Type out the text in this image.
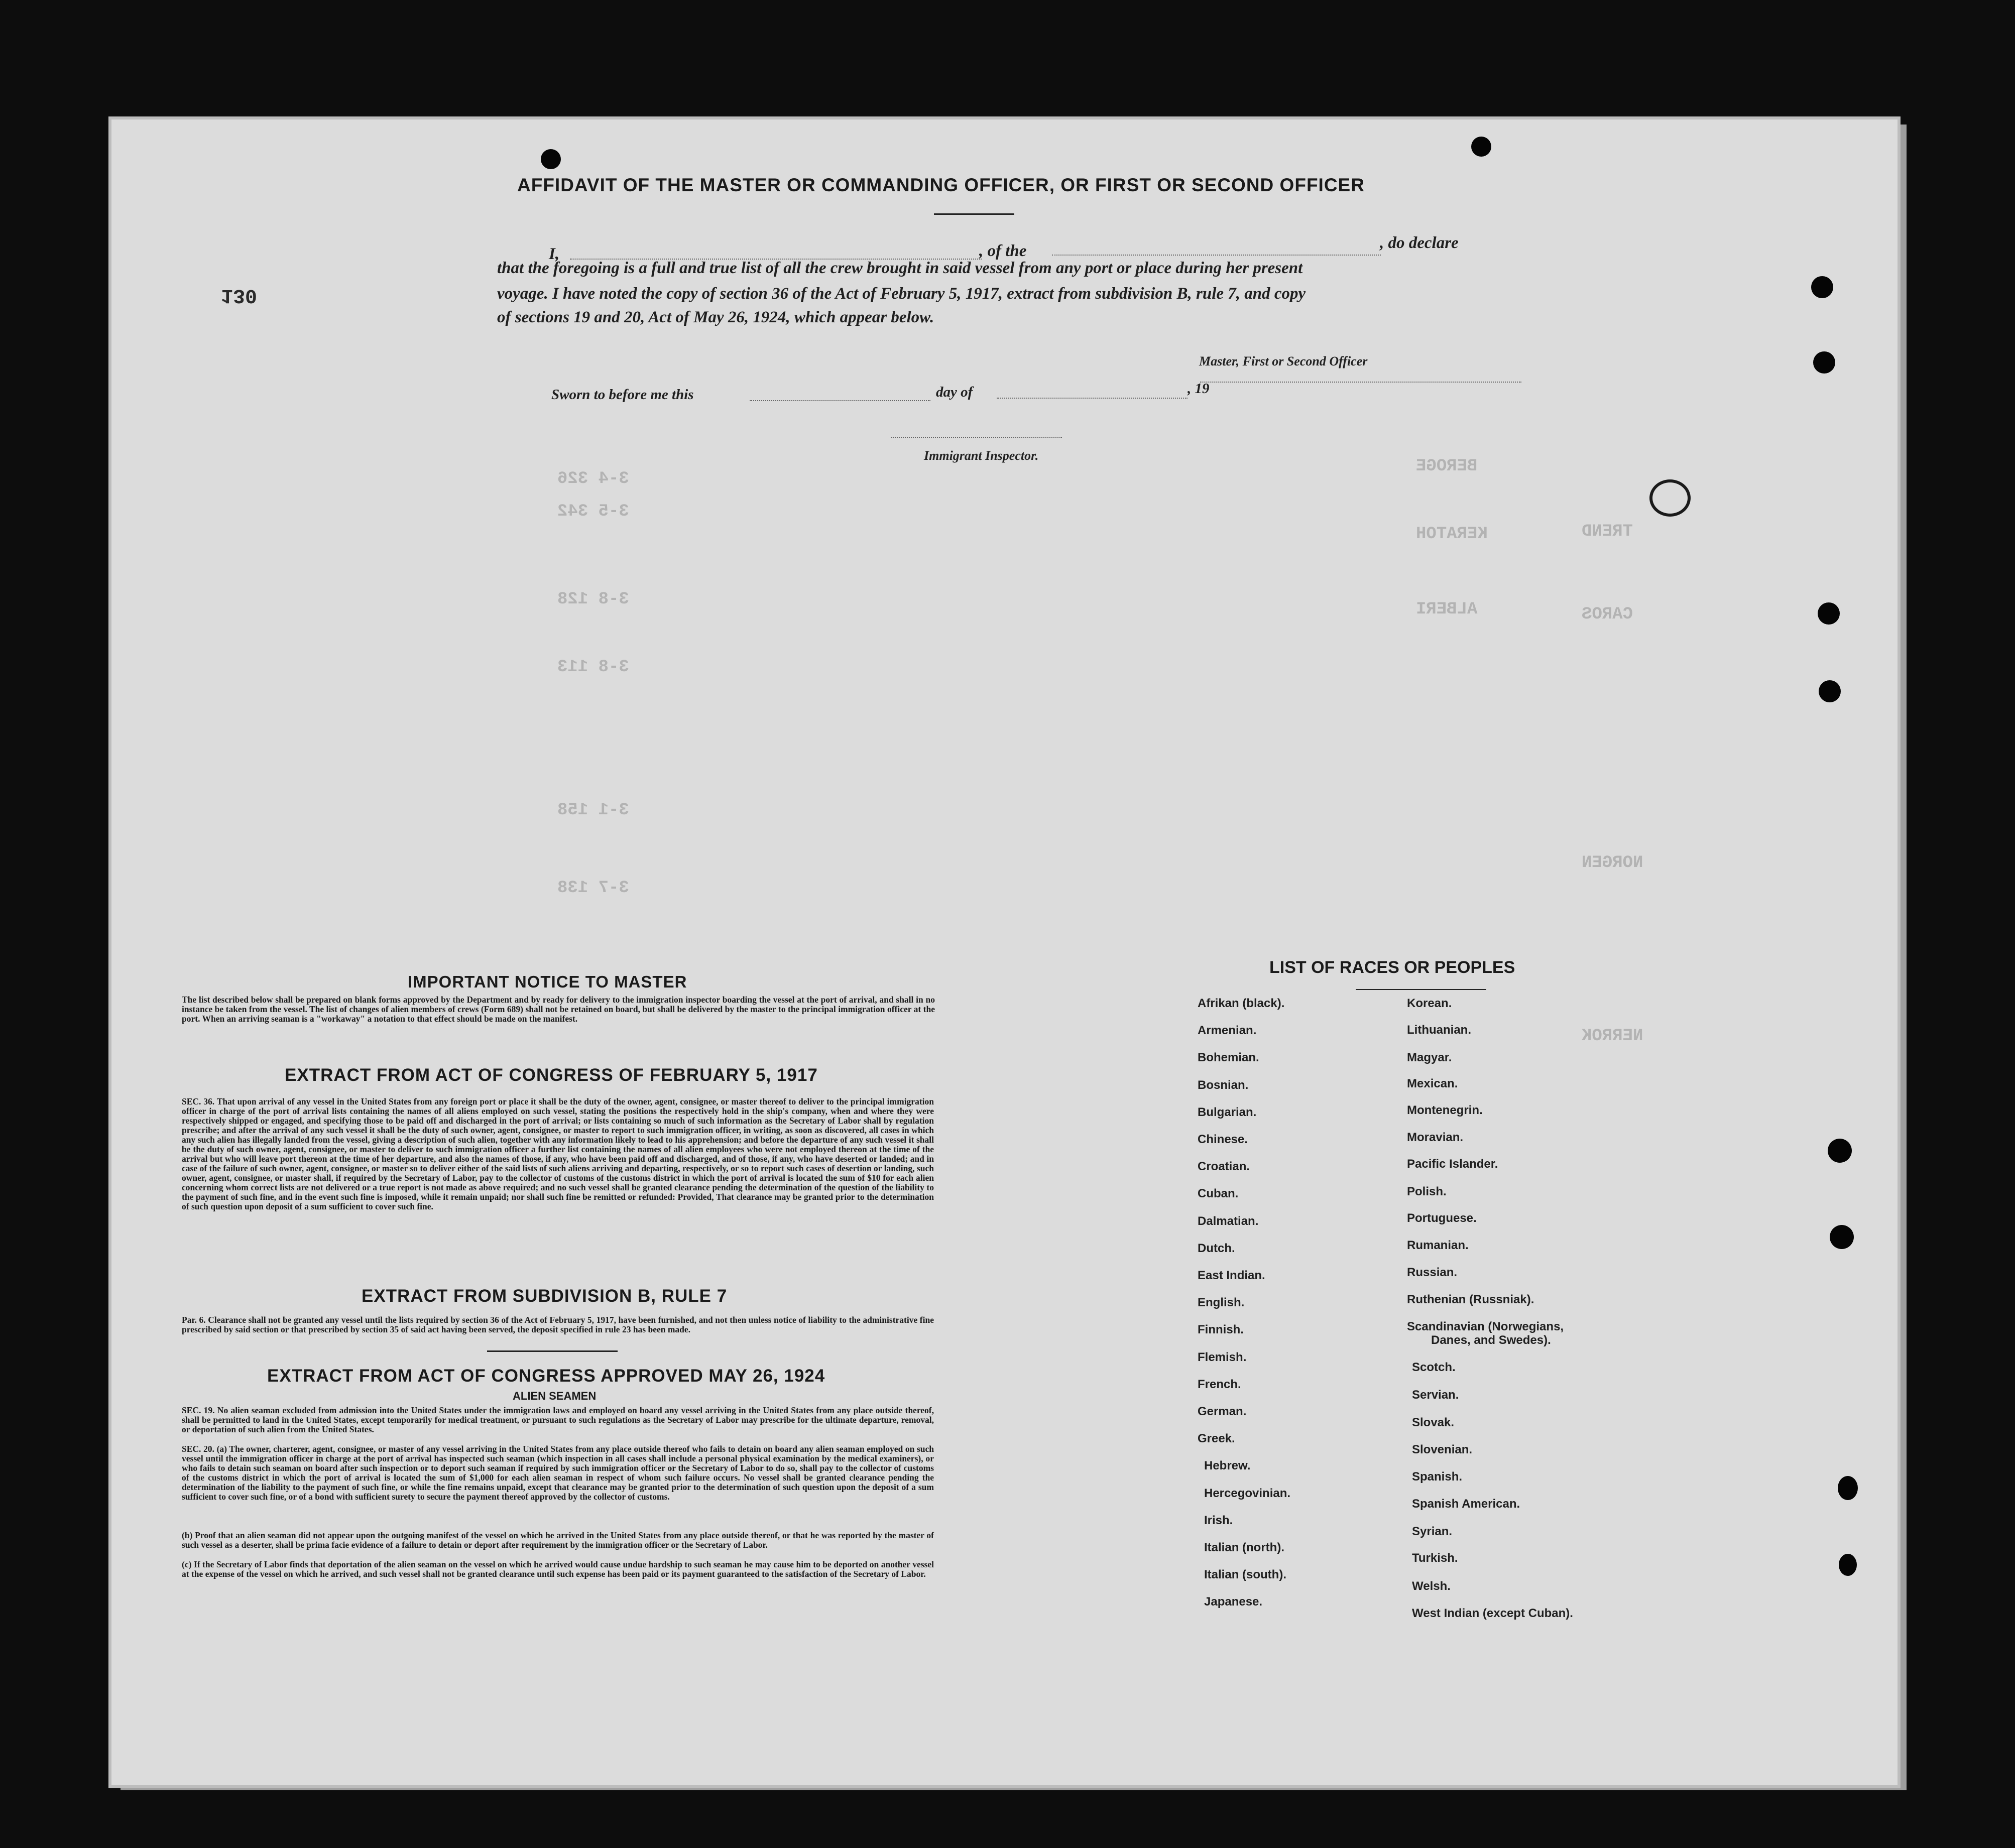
3-4 326
3-5 342
3-8 128
3-8 113
3-1 158
3-7 138
BEROGE
KERATOH
ALBERI
TREND
CAROS
NORGEN
NERROK
AFFIDAVIT OF THE MASTER OR COMMANDING OFFICER, OR FIRST OR SECOND OFFICER
I,	, of the	, do declare
that the foregoing is a full and true list of all the crew brought in said vessel from any port or place during her present
voyage. I have noted the copy of section 36 of the Act of February 5, 1917, extract from subdivision B, rule 7, and copy
of sections 19 and 20, Act of May 26, 1924, which appear below.
130
Master, First or Second Officer
Sworn to before me this	day of	, 19
Immigrant Inspector.
IMPORTANT NOTICE TO MASTER
The list described below shall be prepared on blank forms approved by the Department and by ready for delivery to the immigration inspector boarding the vessel at the port of arrival, and shall in no instance be taken from the vessel. The list of changes of alien members of crews (Form 689) shall not be retained on board, but shall be delivered by the master to the principal immigration officer at the port. When an arriving seaman is a "workaway" a notation to that effect should be made on the manifest.
EXTRACT FROM ACT OF CONGRESS OF FEBRUARY 5, 1917
SEC. 36. That upon arrival of any vessel in the United States from any foreign port or place it shall be the duty of the owner, agent, consignee, or master thereof to deliver to the principal immigration officer in charge of the port of arrival lists containing the names of all aliens employed on such vessel, stating the positions the respectively hold in the ship's company, when and where they were respectively shipped or engaged, and specifying those to be paid off and discharged in the port of arrival; or lists containing so much of such information as the Secretary of Labor shall by regulation prescribe; and after the arrival of any such vessel it shall be the duty of such owner, agent, consignee, or master to report to such immigration officer, in writing, as soon as discovered, all cases in which any such alien has illegally landed from the vessel, giving a description of such alien, together with any information likely to lead to his apprehension; and before the departure of any such vessel it shall be the duty of such owner, agent, consignee, or master to deliver to such immigration officer a further list containing the names of all alien employees who were not employed thereon at the time of the arrival but who will leave port thereon at the time of her departure, and also the names of those, if any, who have been paid off and discharged, and of those, if any, who have deserted or landed; and in case of the failure of such owner, agent, consignee, or master so to deliver either of the said lists of such aliens arriving and departing, respectively, or so to report such cases of desertion or landing, such owner, agent, consignee, or master shall, if required by the Secretary of Labor, pay to the collector of customs of the customs district in which the port of arrival is located the sum of $10 for each alien concerning whom correct lists are not delivered or a true report is not made as above required; and no such vessel shall be granted clearance pending the determination of the question of the liability to the payment of such fine, and in the event such fine is imposed, while it remain unpaid; nor shall such fine be remitted or refunded: Provided, That clearance may be granted prior to the determination of such question upon deposit of a sum sufficient to cover such fine.
EXTRACT FROM SUBDIVISION B, RULE 7
Par. 6. Clearance shall not be granted any vessel until the lists required by section 36 of the Act of February 5, 1917, have been furnished, and not then unless notice of liability to the administrative fine prescribed by said section or that prescribed by section 35 of said act having been served, the deposit specified in rule 23 has been made.
EXTRACT FROM ACT OF CONGRESS APPROVED MAY 26, 1924
ALIEN SEAMEN
SEC. 19. No alien seaman excluded from admission into the United States under the immigration laws and employed on board any vessel arriving in the United States from any place outside thereof, shall be permitted to land in the United States, except temporarily for medical treatment, or pursuant to such regulations as the Secretary of Labor may prescribe for the ultimate departure, removal, or deportation of such alien from the United States.
SEC. 20. (a) The owner, charterer, agent, consignee, or master of any vessel arriving in the United States from any place outside thereof who fails to detain on board any alien seaman employed on such vessel until the immigration officer in charge at the port of arrival has inspected such seaman (which inspection in all cases shall include a personal physical examination by the medical examiners), or who fails to detain such seaman on board after such inspection or to deport such seaman if required by such immigration officer or the Secretary of Labor to do so, shall pay to the collector of customs of the customs district in which the port of arrival is located the sum of $1,000 for each alien seaman in respect of whom such failure occurs. No vessel shall be granted clearance pending the determination of the liability to the payment of such fine, or while the fine remains unpaid, except that clearance may be granted prior to the determination of such question upon the deposit of a sum sufficient to cover such fine, or of a bond with sufficient surety to secure the payment thereof approved by the collector of customs.
(b) Proof that an alien seaman did not appear upon the outgoing manifest of the vessel on which he arrived in the United States from any place outside thereof, or that he was reported by the master of such vessel as a deserter, shall be prima facie evidence of a failure to detain or deport after requirement by the immigration officer or the Secretary of Labor.
(c) If the Secretary of Labor finds that deportation of the alien seaman on the vessel on which he arrived would cause undue hardship to such seaman he may cause him to be deported on another vessel at the expense of the vessel on which he arrived, and such vessel shall not be granted clearance until such expense has been paid or its payment guaranteed to the satisfaction of the Secretary of Labor.
LIST OF RACES OR PEOPLES
Afrikan (black).
Armenian.
Bohemian.
Bosnian.
Bulgarian.
Chinese.
Croatian.
Cuban.
Dalmatian.
Dutch.
East Indian.
English.
Finnish.
Flemish.
French.
German.
Greek.
Hebrew.
Hercegovinian.
Irish.
Italian (north).
Italian (south).
Japanese.
Korean.
Lithuanian.
Magyar.
Mexican.
Montenegrin.
Moravian.
Pacific Islander.
Polish.
Portuguese.
Rumanian.
Russian.
Ruthenian (Russniak).
Scandinavian (Norwegians,
Danes, and Swedes).
Scotch.
Servian.
Slovak.
Slovenian.
Spanish.
Spanish American.
Syrian.
Turkish.
Welsh.
West Indian (except Cuban).
